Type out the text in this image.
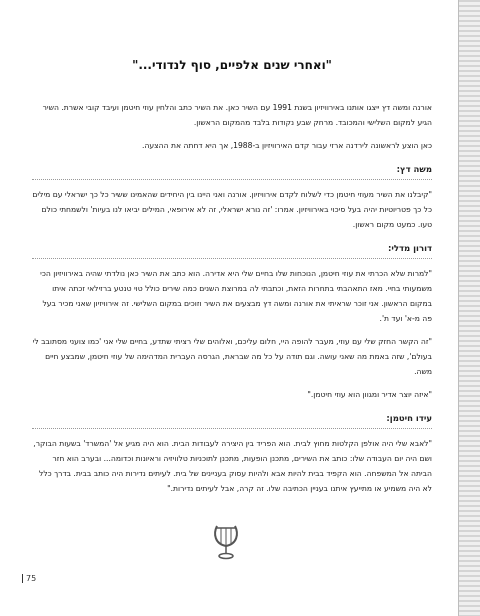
"ואחרי שנים אלפיים, סוף לנדודי..."

אורנה ומשה דץ ייצגו אותנו באירוויזיון בשנת 1991 עם השיר כאן. את השיר כתב והלחין עוזי חיטמן ועיבד קובי אשרת. השיר הגיע למקום השלישי והמכובד. מרחק שבע נקודות בלבד מהמקום הראשון.

כאן הוצע לראשונה לירדנה ארזי עבור קדם האירוויזיון ב-1988, אך היא דחתה את ההצעה.

משה דץ:

"קיבלנו את השיר מעוזי חיטמן כדי לשלוח לקדם אירוויזיון. אורנה ואני היינו בין היחידים שהאמינו ששיר כל כך ישראלי עם מילים כל כך פטריוטיות יהיה בעל סיכוי באירוויזיון. אמרו: 'זה נורא ישראלי, זה לא אירופאי, המילים יביאו לנו בעיות' ולשמחתי כולם טעו. כמעט מקום ראשון.

דורון מדלי:

"למרות שלא הכרתי את עוזי חיטמן, הנוכחות שלו בחיים שלי היא אדירה. הוא כתב את השיר כאן נולדתי שהיה באירוויזיון הכי משמעותי בחיי. מאז התאהבתי בתחרות הזאת, וכתבתי לה במרוצת השנים כמה שירים כולל טוי טנטע ברזילאי זכתה איתו במקום הראשון. אני זוכר שראיתי את אורנה ומשה דץ מבצעים את השיר וזוכים במקום השלישי. זה אירוויזיון שאני מכיר בעל פה מ-א' ועד ת'.

"זה הקשר החזק שלי עם עוזי, מעבר להופה היי, חלום עליכם, ואלוהים שלי רציתי שתדע, בחיים שלי אני 'כמו צועני מסתובב לי בעולם', שזה באמת מה שאני עושה. וגם תודה על כל מה שבראת, הגרסה העברית המדהימה של עוזי חיטמן, שמבצע חיים משה.

"איזה יוצר אדיר ומגוון הוא עוזי חיטמן."

עידו חיטמן:

"לאבא שלי היה אולפן הקלטות מחוץ לבית. הוא הפריד בין היצירה לעבודות הבית. הוא היה מגיע אל 'המשרד' בשעות הבוקר, ושם היה יום העבודה שלו: כותב את השירים, מתכנן הופעות, מתכנן לתוכניות טלוויזיה וראיונות וכדומה... ובערב הוא חזר הביתה אל המשפחה. הוא הקפיד בבית להיות אבא ולהיות עסוק בעניינים של בית. לעיתים נדירות היה כותב בבית. בדרך כלל לא היה משמיע או מתייעץ איתנו בעניין הכתיבה שלו. זה קרה, אבל לעיתים נדירות."

75
